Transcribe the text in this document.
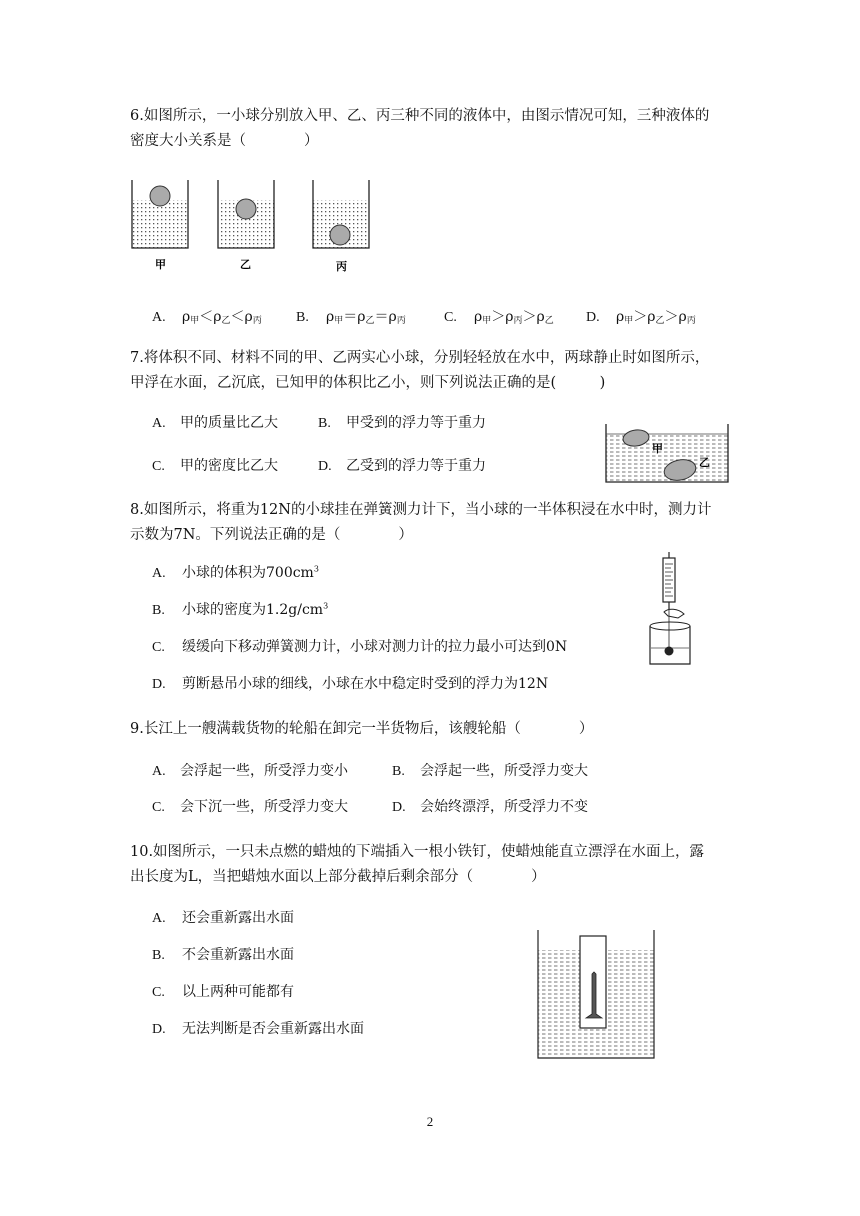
6.如图所示，一小球分别放入甲、乙、丙三种不同的液体中，由图示情况可知，三种液体的

密度大小关系是（　　　　）

甲	乙	丙
A. $\rho_甲<\rho_乙<\rho_丙$ B. $\rho_甲=\rho_乙=\rho_丙$	C. $\rho_甲>\rho_丙>\rho_乙$ D. $\rho_甲>\rho_乙>\rho_丙$

7.将体积不同、材料不同的甲、乙两实心小球，分别轻轻放在水中，两球静止时如图所示，

甲浮在水面，乙沉底，已知甲的体积比乙小，则下列说法正确的是(　　　)

A. 甲的质量比乙大	B. 甲受到的浮力等于重力
C. 甲的密度比乙大	D. 乙受到的浮力等于重力
甲
乙

8.如图所示，将重为12N的小球挂在弹簧测力计下，当小球的一半体积浸在水中时，测力计

示数为7N。下列说法正确的是（　　　　）

A. 小球的体积为$700cm^3$
B. 小球的密度为$1.2g/cm^3$
C. 缓缓向下移动弹簧测力计，小球对测力计的拉力最小可达到0N
D. 剪断悬吊小球的细线，小球在水中稳定时受到的浮力为12N

9.长江上一艘满载货物的轮船在卸完一半货物后，该艘轮船（　　　　）

A. 会浮起一些，所受浮力变小	B. 会浮起一些，所受浮力变大
C. 会下沉一些，所受浮力变大	D. 会始终漂浮，所受浮力不变

10.如图所示，一只未点燃的蜡烛的下端插入一根小铁钉，使蜡烛能直立漂浮在水面上，露

出长度为L，当把蜡烛水面以上部分截掉后剩余部分（　　　　）

A. 还会重新露出水面
B. 不会重新露出水面
C. 以上两种可能都有
D. 无法判断是否会重新露出水面
2
